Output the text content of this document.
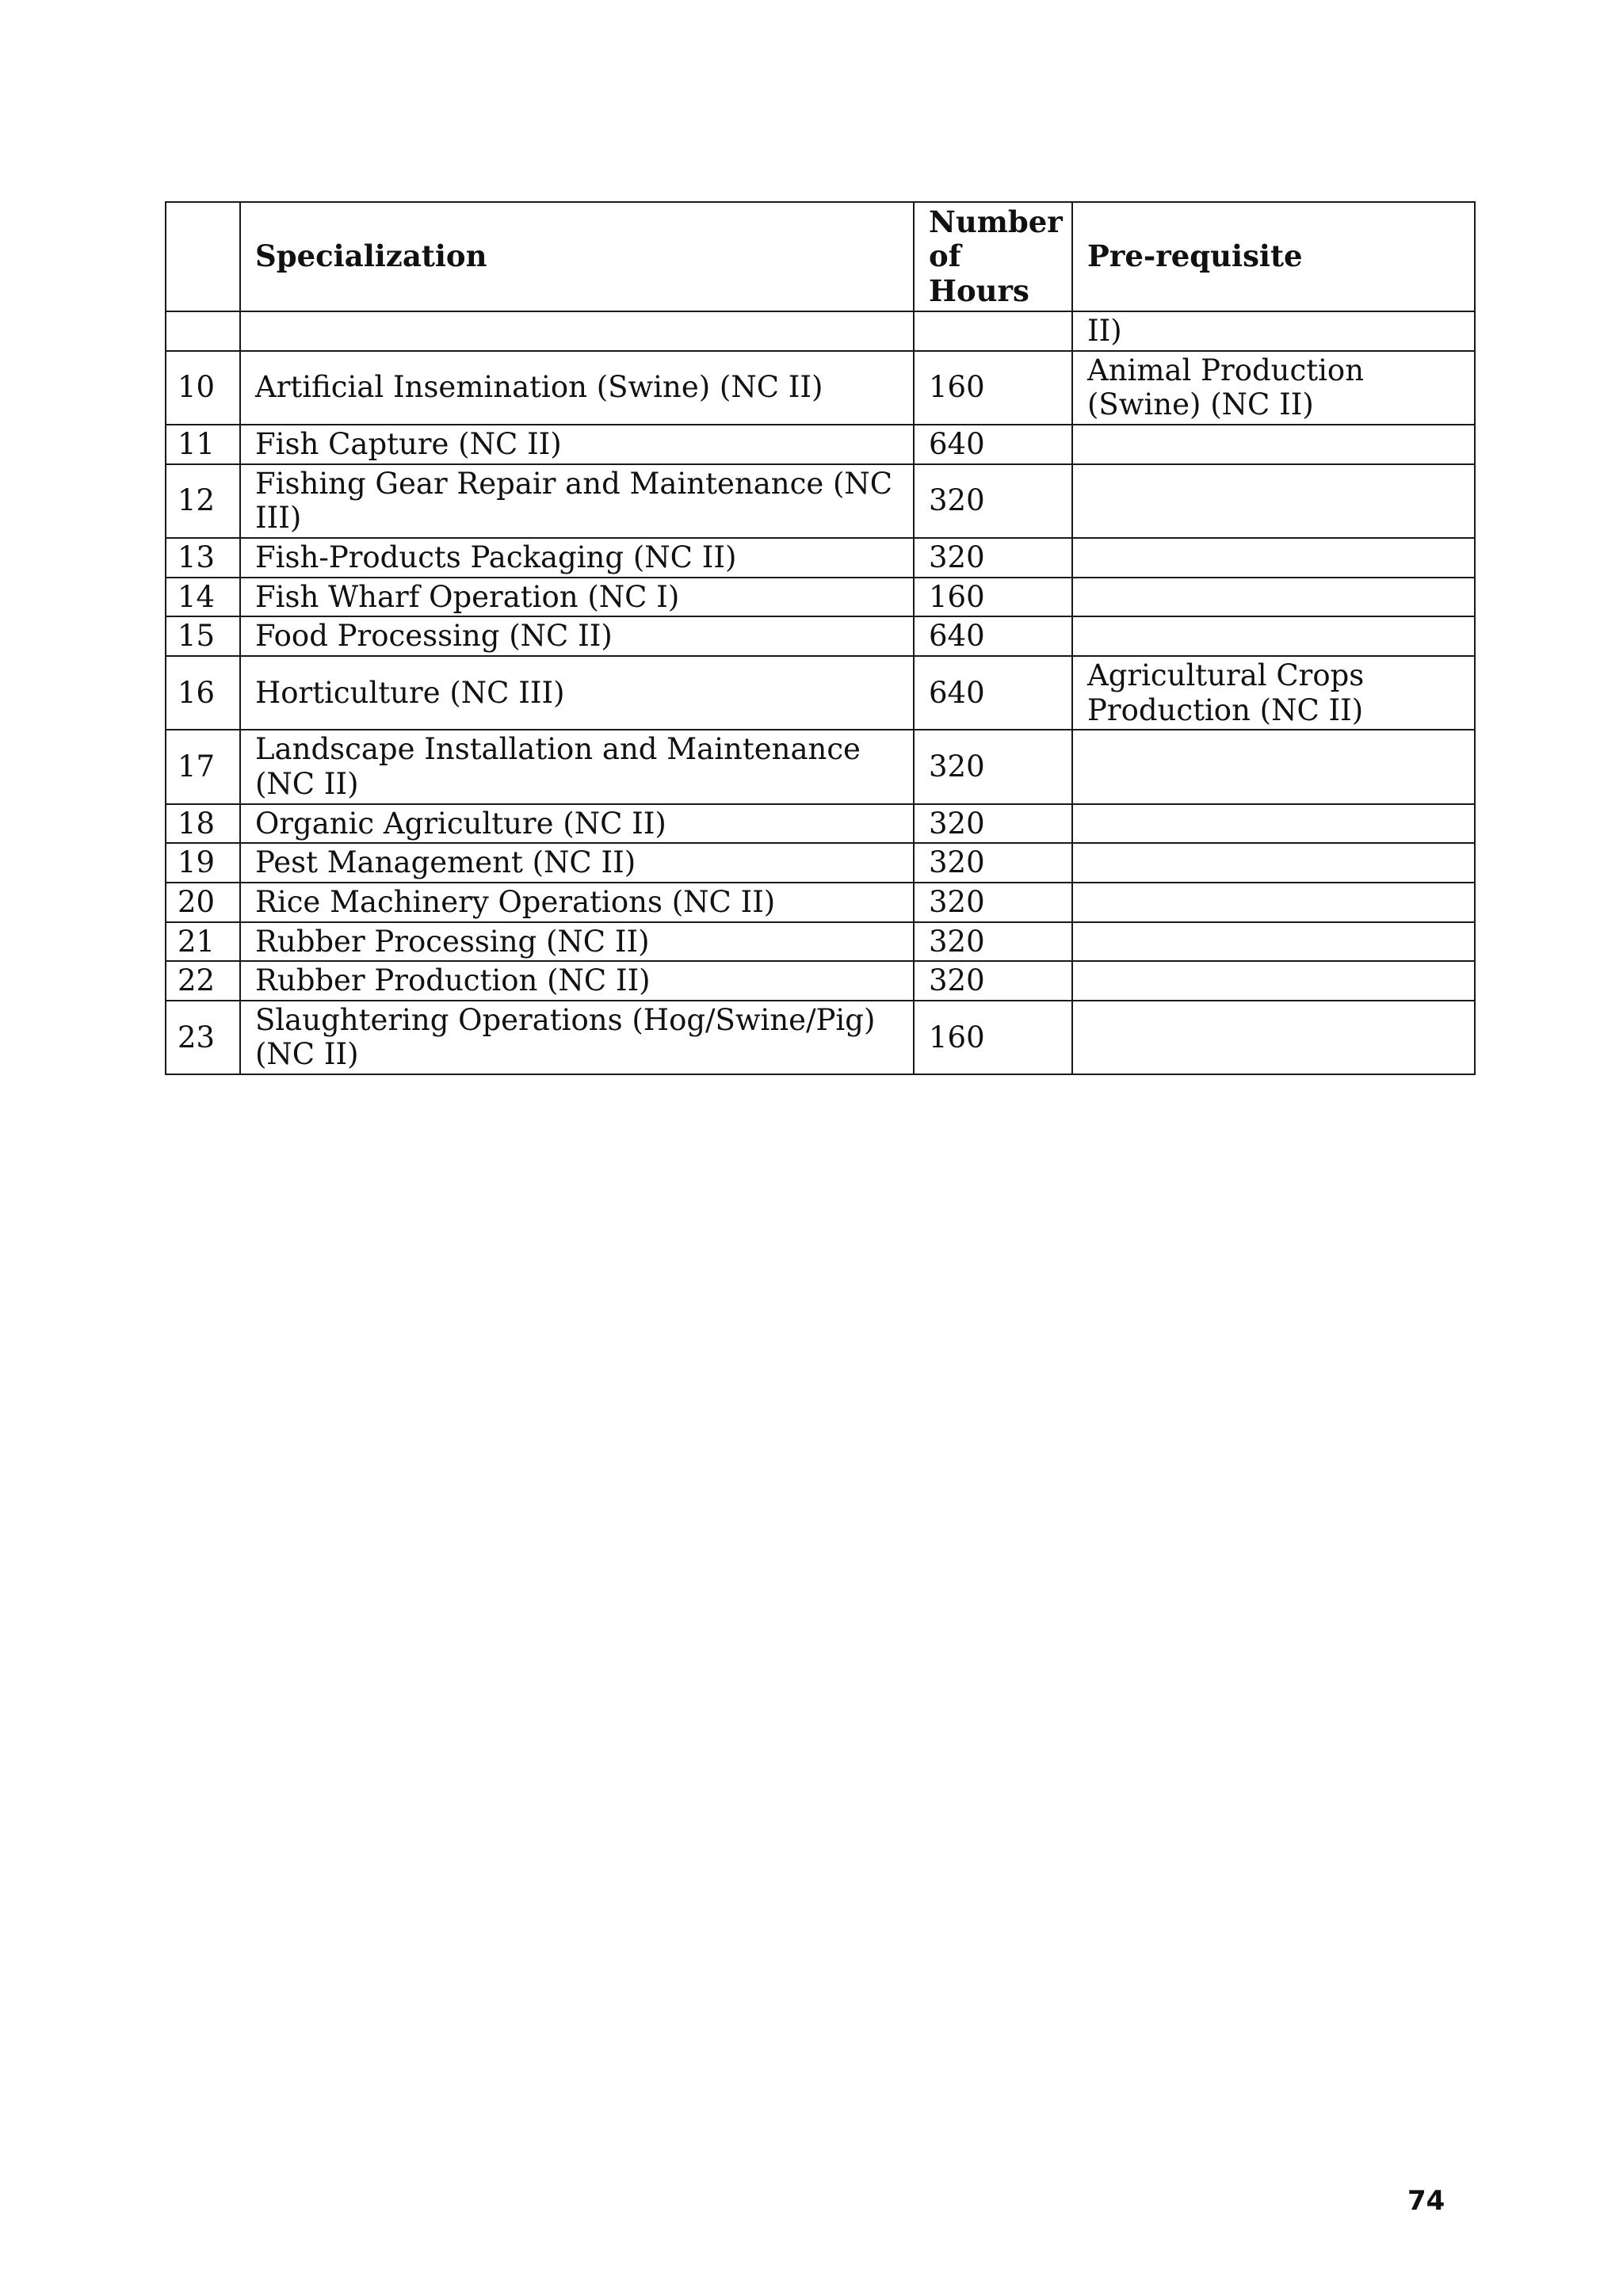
	Specialization	Number of Hours	Pre-requisite
			II)
10	Artificial Insemination (Swine) (NC II)	160	Animal Production (Swine) (NC II)
11	Fish Capture (NC II)	640	
12	Fishing Gear Repair and Maintenance (NC III)	320	
13	Fish-Products Packaging (NC II)	320	
14	Fish Wharf Operation (NC I)	160	
15	Food Processing (NC II)	640	
16	Horticulture (NC III)	640	Agricultural Crops Production (NC II)
17	Landscape Installation and Maintenance (NC II)	320	
18	Organic Agriculture (NC II)	320	
19	Pest Management (NC II)	320	
20	Rice Machinery Operations (NC II)	320	
21	Rubber Processing (NC II)	320	
22	Rubber Production (NC II)	320	
23	Slaughtering Operations (Hog/Swine/Pig) (NC II)	160	
74
